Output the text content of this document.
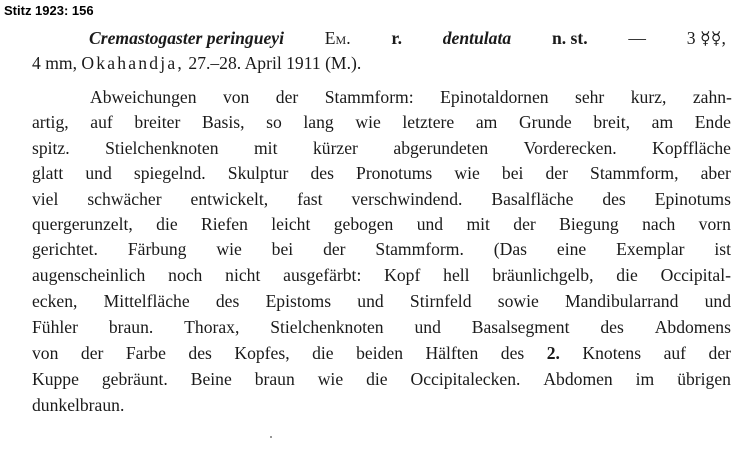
Stitz 1923: 156
Cremastogaster peringueyi Em. r. dentulata n. st. — 3 ☿☿,
4 mm, Okahandja, 27.–28. April 1911 (M.).
Abweichungen von der Stammform: Epinotaldornen sehr kurz, zahn-
artig, auf breiter Basis, so lang wie letztere am Grunde breit, am Ende
spitz. Stielchenknoten mit kürzer abgerundeten Vorderecken. Kopffläche
glatt und spiegelnd. Skulptur des Pronotums wie bei der Stammform, aber
viel schwächer entwickelt, fast verschwindend. Basalfläche des Epinotums
quergerunzelt, die Riefen leicht gebogen und mit der Biegung nach vorn
gerichtet. Färbung wie bei der Stammform. (Das eine Exemplar ist
augenscheinlich noch nicht ausgefärbt: Kopf hell bräunlichgelb, die Occipital-
ecken, Mittelfläche des Epistoms und Stirnfeld sowie Mandibularrand und
Fühler braun. Thorax, Stielchenknoten und Basalsegment des Abdomens
von der Farbe des Kopfes, die beiden Hälften des 2. Knotens auf der
Kuppe gebräunt. Beine braun wie die Occipitalecken. Abdomen im übrigen
dunkelbraun.
